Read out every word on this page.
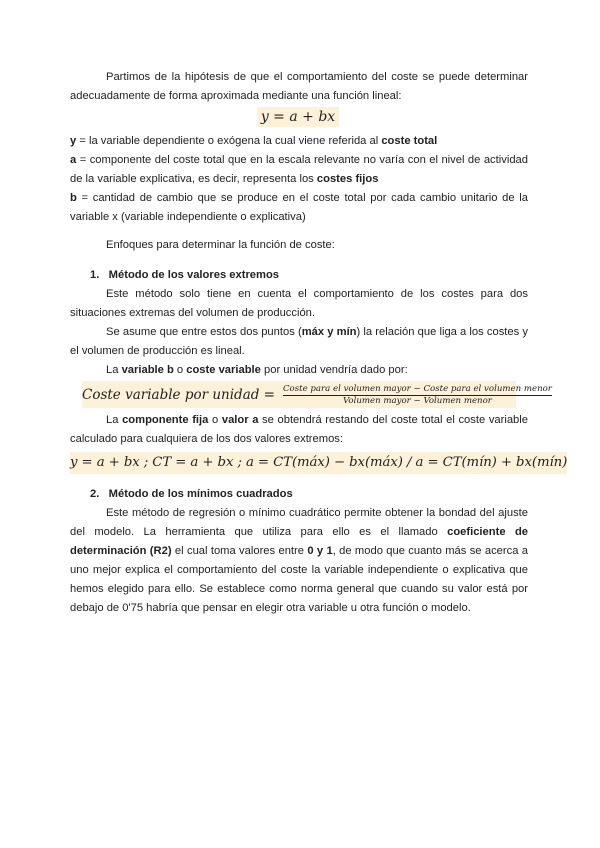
Partimos de la hipótesis de que el comportamiento del coste se puede determinar adecuadamente de forma aproximada mediante una función lineal:

y = a + bx

y = la variable dependiente o exógena la cual viene referida al coste total

a = componente del coste total que en la escala relevante no varía con el nivel de actividad de la variable explicativa, es decir, representa los costes fijos

b = cantidad de cambio que se produce en el coste total por cada cambio unitario de la variable x (variable independiente o explicativa)

Enfoques para determinar la función de coste:

1. Método de los valores extremos

Este método solo tiene en cuenta el comportamiento de los costes para dos situaciones extremas del volumen de producción.

Se asume que entre estos dos puntos (máx y mín) la relación que liga a los costes y el volumen de producción es lineal.

La variable b o coste variable por unidad vendría dado por:

Coste variable por unidad = $\frac{\text{Coste para el volumen mayor − Coste para el volumen menor}}{\text{Volumen mayor − Volumen menor}}$

La componente fija o valor a se obtendrá restando del coste total el coste variable calculado para cualquiera de los dos valores extremos:

y = a + bx ; CT = a + bx ; a = CT(máx) − bx(máx) / a = CT(mín) + bx(mín)

2. Método de los mínimos cuadrados

Este método de regresión o mínimo cuadrático permite obtener la bondad del ajuste del modelo. La herramienta que utiliza para ello es el llamado coeficiente de determinación (R2) el cual toma valores entre 0 y 1, de modo que cuanto más se acerca a uno mejor explica el comportamiento del coste la variable independiente o explicativa que hemos elegido para ello. Se establece como norma general que cuando su valor está por debajo de 0'75 habría que pensar en elegir otra variable u otra función o modelo.
